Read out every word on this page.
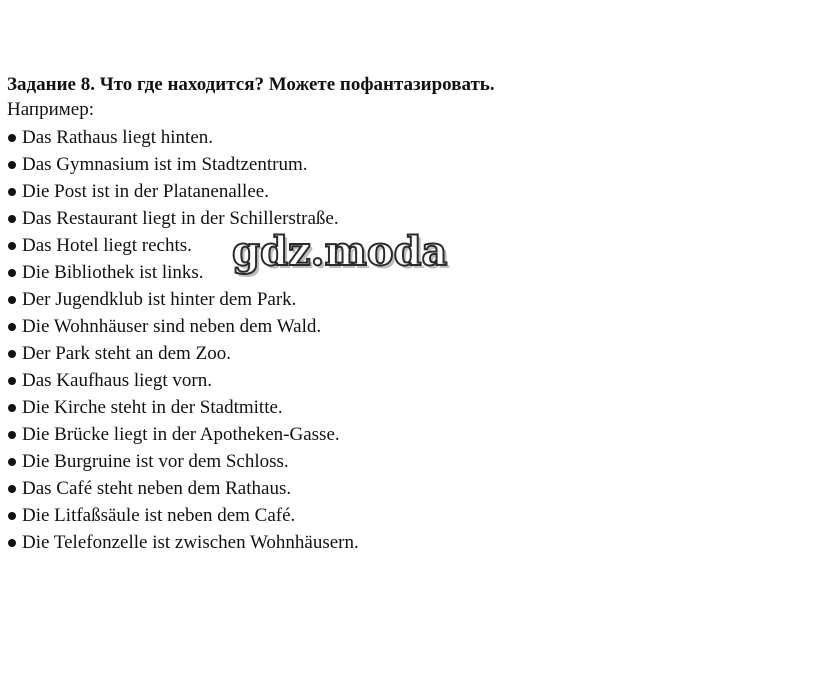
Задание 8. Что где находится? Можете пофантазировать.
Например:
Das Rathaus liegt hinten.
Das Gymnasium ist im Stadtzentrum.
Die Post ist in der Platanenallee.
Das Restaurant liegt in der Schillerstraße.
Das Hotel liegt rechts.
Die Bibliothek ist links.
Der Jugendklub ist hinter dem Park.
Die Wohnhäuser sind neben dem Wald.
Der Park steht an dem Zoo.
Das Kaufhaus liegt vorn.
Die Kirche steht in der Stadtmitte.
Die Brücke liegt in der Apotheken-Gasse.
Die Burgruine ist vor dem Schloss.
Das Café steht neben dem Rathaus.
Die Litfaßsäule ist neben dem Café.
Die Telefonzelle ist zwischen Wohnhäusern.
gdz.moda
